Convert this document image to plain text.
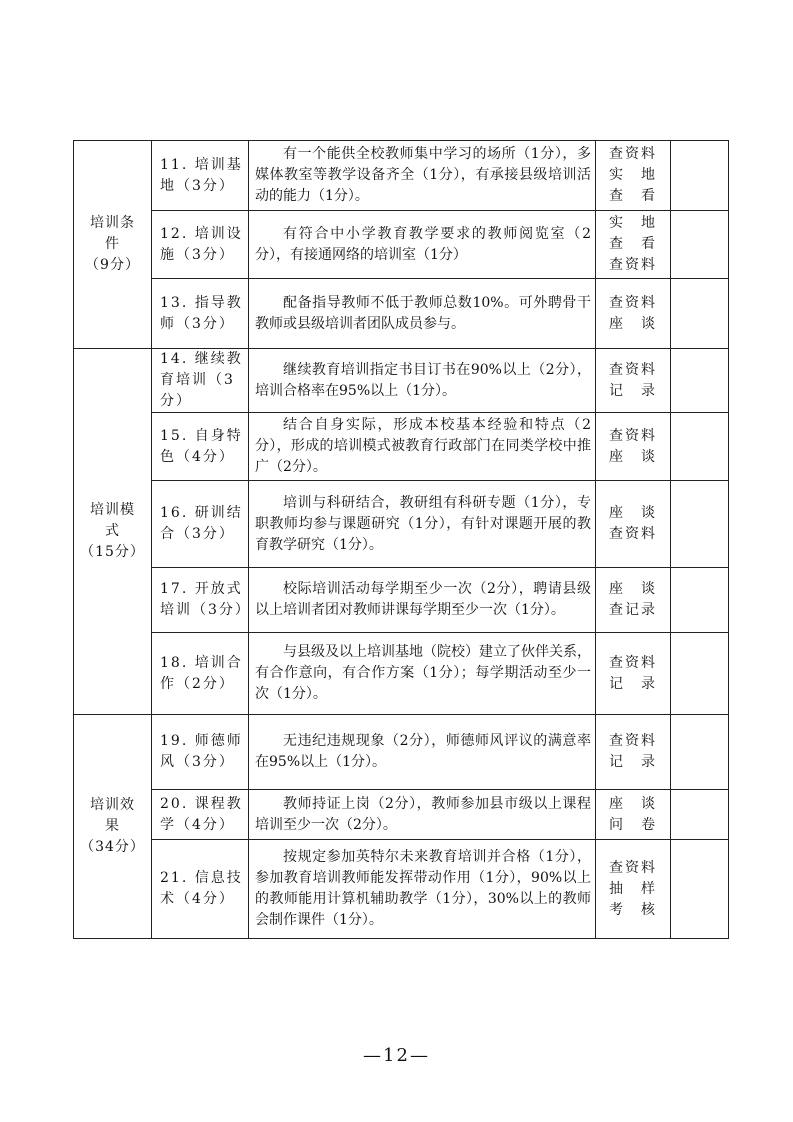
培训条件
（9分）	11. 培训基地（3分）	有一个能供全校教师集中学习的场所（1分），多媒体教室等教学设备齐全（1分），有承接县级培训活动的能力（1分）。	查资料
实　地
查　看	

	12. 培训设施（3分）	有符合中小学教育教学要求的教师阅览室（2分），有接通网络的培训室（1分）	实　地
查　看
查资料	

	13. 指导教师（3分）	配备指导教师不低于教师总数10%。可外聘骨干教师或县级培训者团队成员参与。	查资料
座　谈	

培训模式
（15分）	14. 继续教育培训（3分）	继续教育培训指定书目订书在90%以上（2分），培训合格率在95%以上（1分）。	查资料
记　录	

	15. 自身特色（4分）	结合自身实际，形成本校基本经验和特点（2分），形成的培训模式被教育行政部门在同类学校中推广（2分）。	查资料
座　谈	

	16. 研训结合（3分）	培训与科研结合，教研组有科研专题（1分），专职教师均参与课题研究（1分），有针对课题开展的教育教学研究（1分）。	座　谈
查资料	

	17. 开放式培训（3分）	校际培训活动每学期至少一次（2分），聘请县级以上培训者团对教师讲课每学期至少一次（1分）。	座　谈
查记录	

	18. 培训合作（2分）	与县级及以上培训基地（院校）建立了伙伴关系，有合作意向，有合作方案（1分）；每学期活动至少一次（1分）。	查资料
记　录	

培训效果
（34分）	19. 师德师风（3分）	无违纪违规现象（2分），师德师风评议的满意率在95%以上（1分）。	查资料
记　录	

	20. 课程教学（4分）	教师持证上岗（2分），教师参加县市级以上课程培训至少一次（2分）。	座　谈
问　卷	

	21. 信息技术（4分）	按规定参加英特尔未来教育培训并合格（1分），参加教育培训教师能发挥带动作用（1分），90%以上的教师能用计算机辅助教学（1分），30%以上的教师会制作课件（1分）。	查资料
抽　样
考　核	

—12—
